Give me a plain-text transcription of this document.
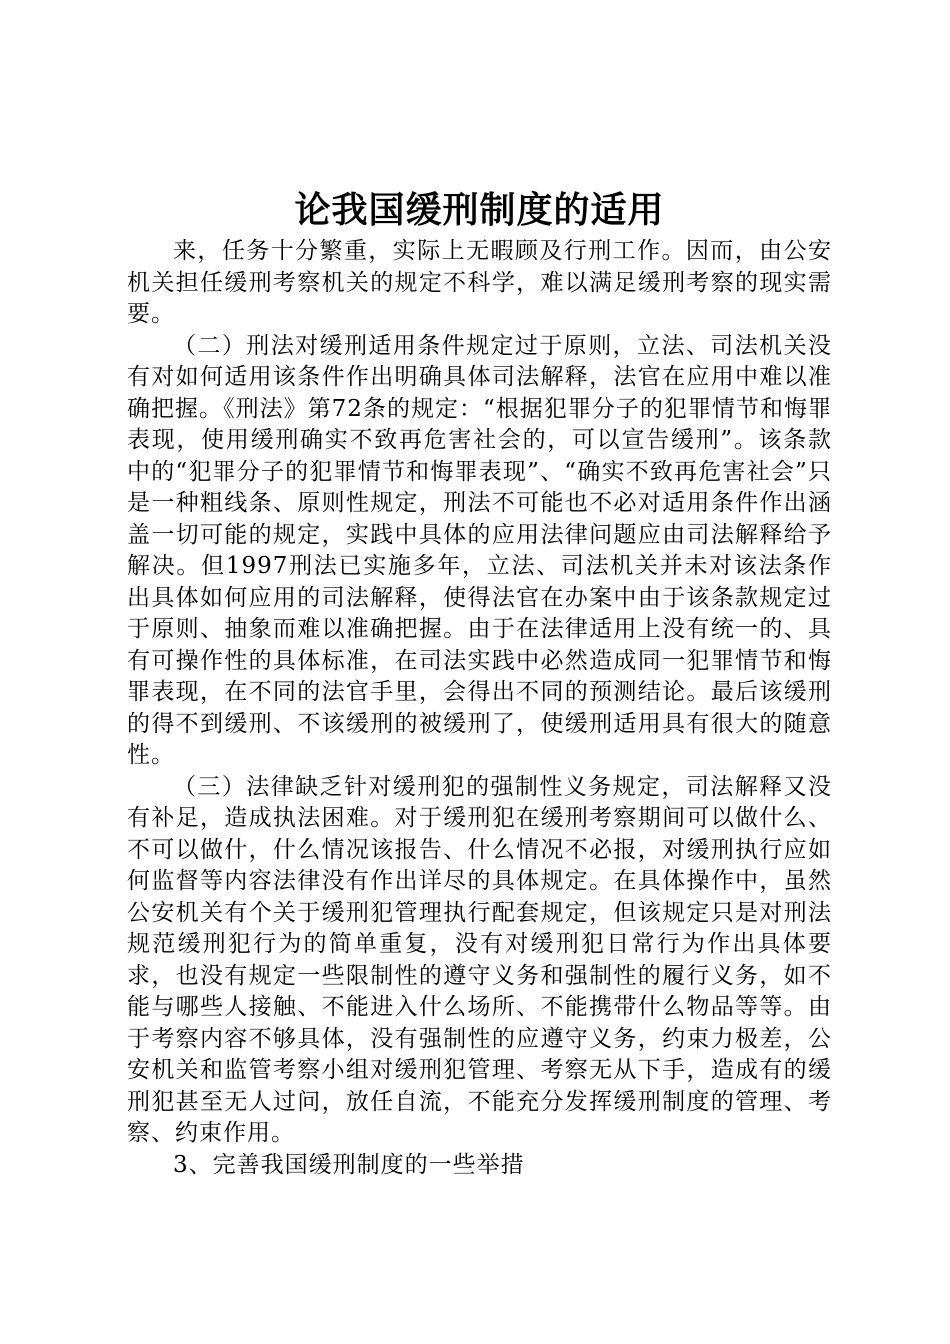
论我国缓刑制度的适用

来，任务十分繁重，实际上无暇顾及行刑工作。因而，由公安机关担任缓刑考察机关的规定不科学，难以满足缓刑考察的现实需要。

（二）刑法对缓刑适用条件规定过于原则，立法、司法机关没有对如何适用该条件作出明确具体司法解释，法官在应用中难以准确把握。《刑法》第72条的规定：“根据犯罪分子的犯罪情节和悔罪表现，使用缓刑确实不致再危害社会的，可以宣告缓刑”。该条款中的“犯罪分子的犯罪情节和悔罪表现”、“确实不致再危害社会”只是一种粗线条、原则性规定，刑法不可能也不必对适用条件作出涵盖一切可能的规定，实践中具体的应用法律问题应由司法解释给予解决。但1997刑法已实施多年，立法、司法机关并未对该法条作出具体如何应用的司法解释，使得法官在办案中由于该条款规定过于原则、抽象而难以准确把握。由于在法律适用上没有统一的、具有可操作性的具体标准，在司法实践中必然造成同一犯罪情节和悔罪表现，在不同的法官手里，会得出不同的预测结论。最后该缓刑的得不到缓刑、不该缓刑的被缓刑了，使缓刑适用具有很大的随意性。

（三）法律缺乏针对缓刑犯的强制性义务规定，司法解释又没有补足，造成执法困难。对于缓刑犯在缓刑考察期间可以做什么、不可以做什，什么情况该报告、什么情况不必报，对缓刑执行应如何监督等内容法律没有作出详尽的具体规定。在具体操作中，虽然公安机关有个关于缓刑犯管理执行配套规定，但该规定只是对刑法规范缓刑犯行为的简单重复，没有对缓刑犯日常行为作出具体要求，也没有规定一些限制性的遵守义务和强制性的履行义务，如不能与哪些人接触、不能进入什么场所、不能携带什么物品等等。由于考察内容不够具体，没有强制性的应遵守义务，约束力极差，公安机关和监管考察小组对缓刑犯管理、考察无从下手，造成有的缓刑犯甚至无人过问，放任自流，不能充分发挥缓刑制度的管理、考察、约束作用。

3、完善我国缓刑制度的一些举措
